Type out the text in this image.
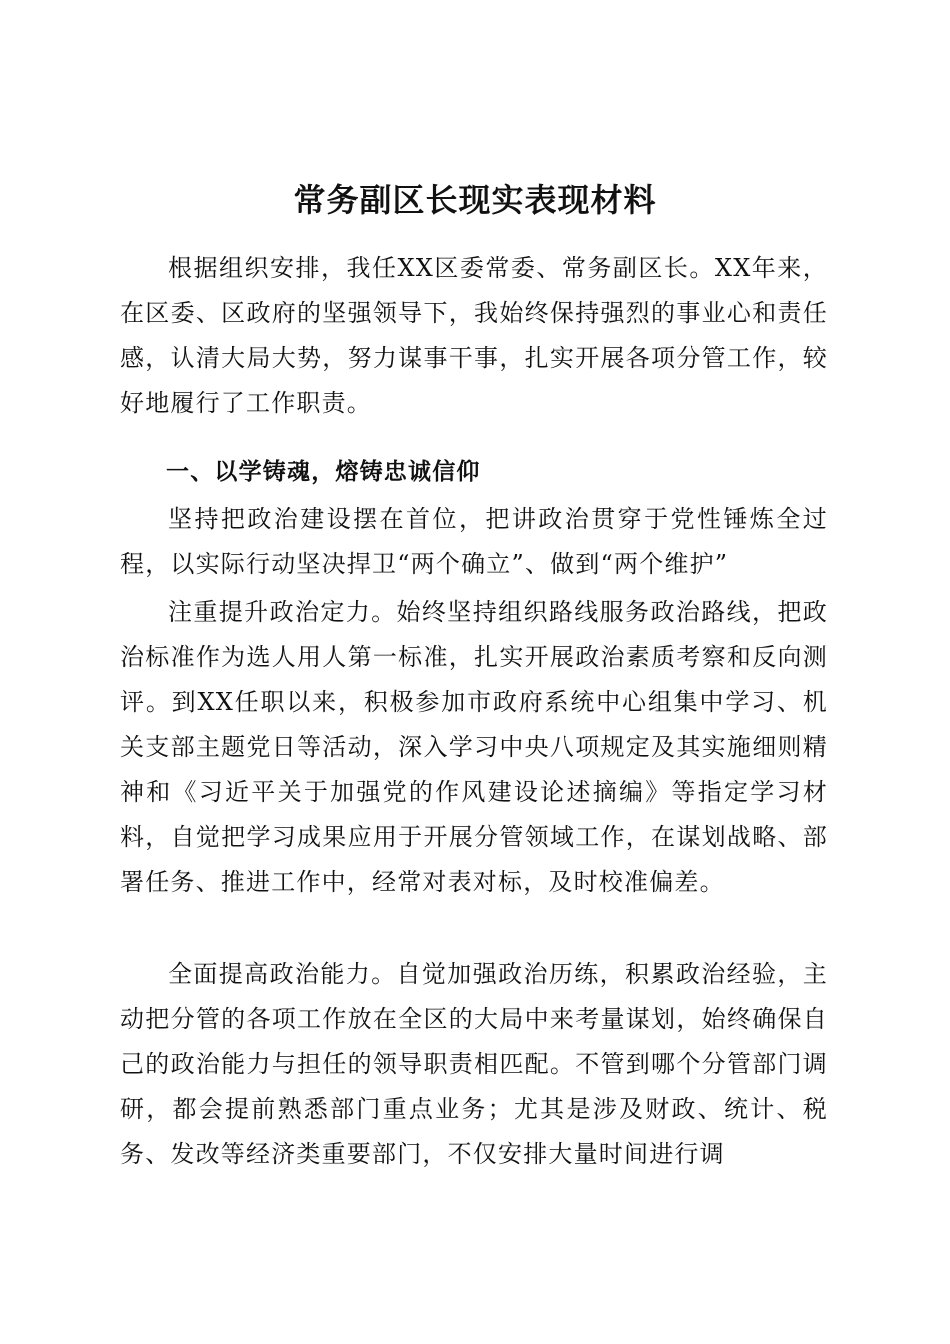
常务副区长现实表现材料

根据组织安排，我任XX区委常委、常务副区长。XX年来，在区委、区政府的坚强领导下，我始终保持强烈的事业心和责任感，认清大局大势，努力谋事干事，扎实开展各项分管工作，较好地履行了工作职责。

一、以学铸魂，熔铸忠诚信仰

坚持把政治建设摆在首位，把讲政治贯穿于党性锤炼全过程，以实际行动坚决捍卫“两个确立”、做到“两个维护”

注重提升政治定力。始终坚持组织路线服务政治路线，把政治标准作为选人用人第一标准，扎实开展政治素质考察和反向测评。到XX任职以来，积极参加市政府系统中心组集中学习、机关支部主题党日等活动，深入学习中央八项规定及其实施细则精神和《习近平关于加强党的作风建设论述摘编》等指定学习材料，自觉把学习成果应用于开展分管领域工作，在谋划战略、部署任务、推进工作中，经常对表对标，及时校准偏差。

全面提高政治能力。自觉加强政治历练，积累政治经验，主动把分管的各项工作放在全区的大局中来考量谋划，始终确保自己的政治能力与担任的领导职责相匹配。不管到哪个分管部门调研，都会提前熟悉部门重点业务；尤其是涉及财政、统计、税务、发改等经济类重要部门，不仅安排大量时间进行调
